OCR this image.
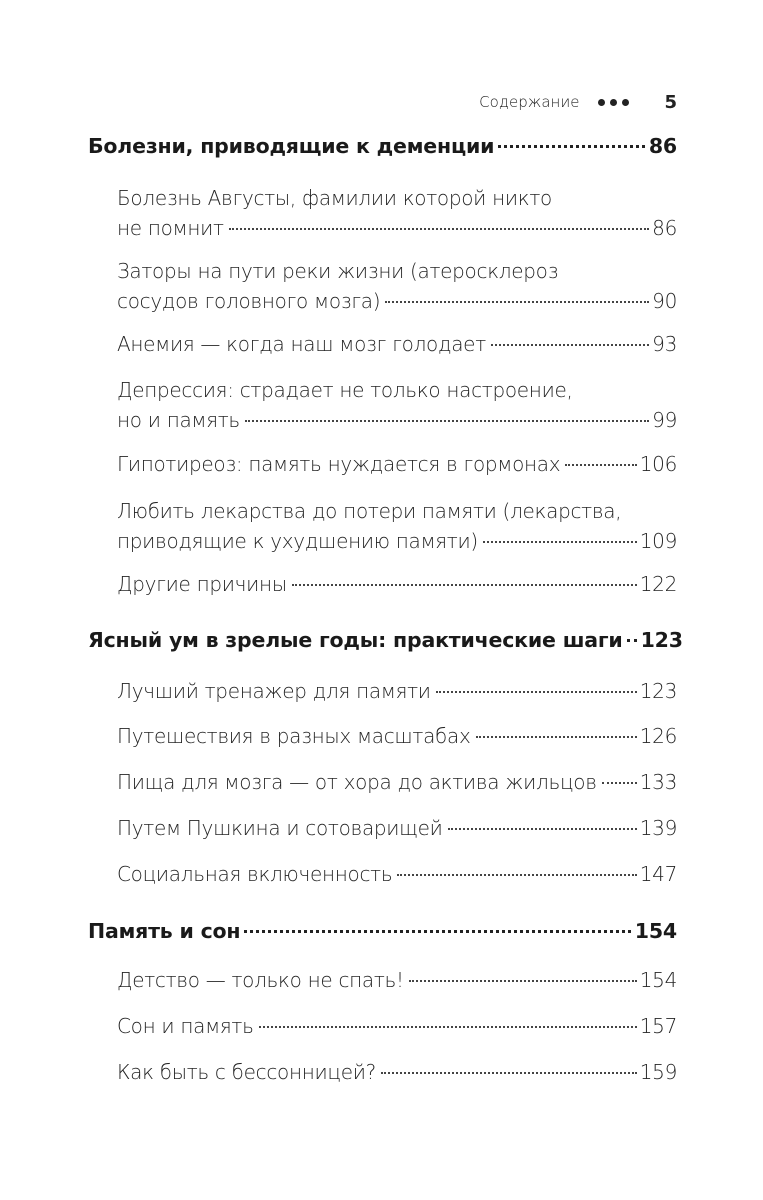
Содержание	5
Болезни, приводящие к деменции	86
Болезнь Августы, фамилии которой никто
не помнит	86
Заторы на пути реки жизни (атеросклероз
сосудов головного мозга)	90
Анемия — когда наш мозг голодает	93
Депрессия: страдает не только настроение,
но и память	99
Гипотиреоз: память нуждается в гормонах	106
Любить лекарства до потери памяти (лекарства,
приводящие к ухудшению памяти)	109
Другие причины	122
Ясный ум в зрелые годы: практические шаги 123
Лучший тренажер для памяти	123
Путешествия в разных масштабах	126
Пища для мозга — от хора до актива жильцов 133
Путем Пушкина и сотоварищей	139
Социальная включенность	147
Память и сон	154
Детство — только не спать!	154
Сон и память	157
Как быть с бессонницей?	159
